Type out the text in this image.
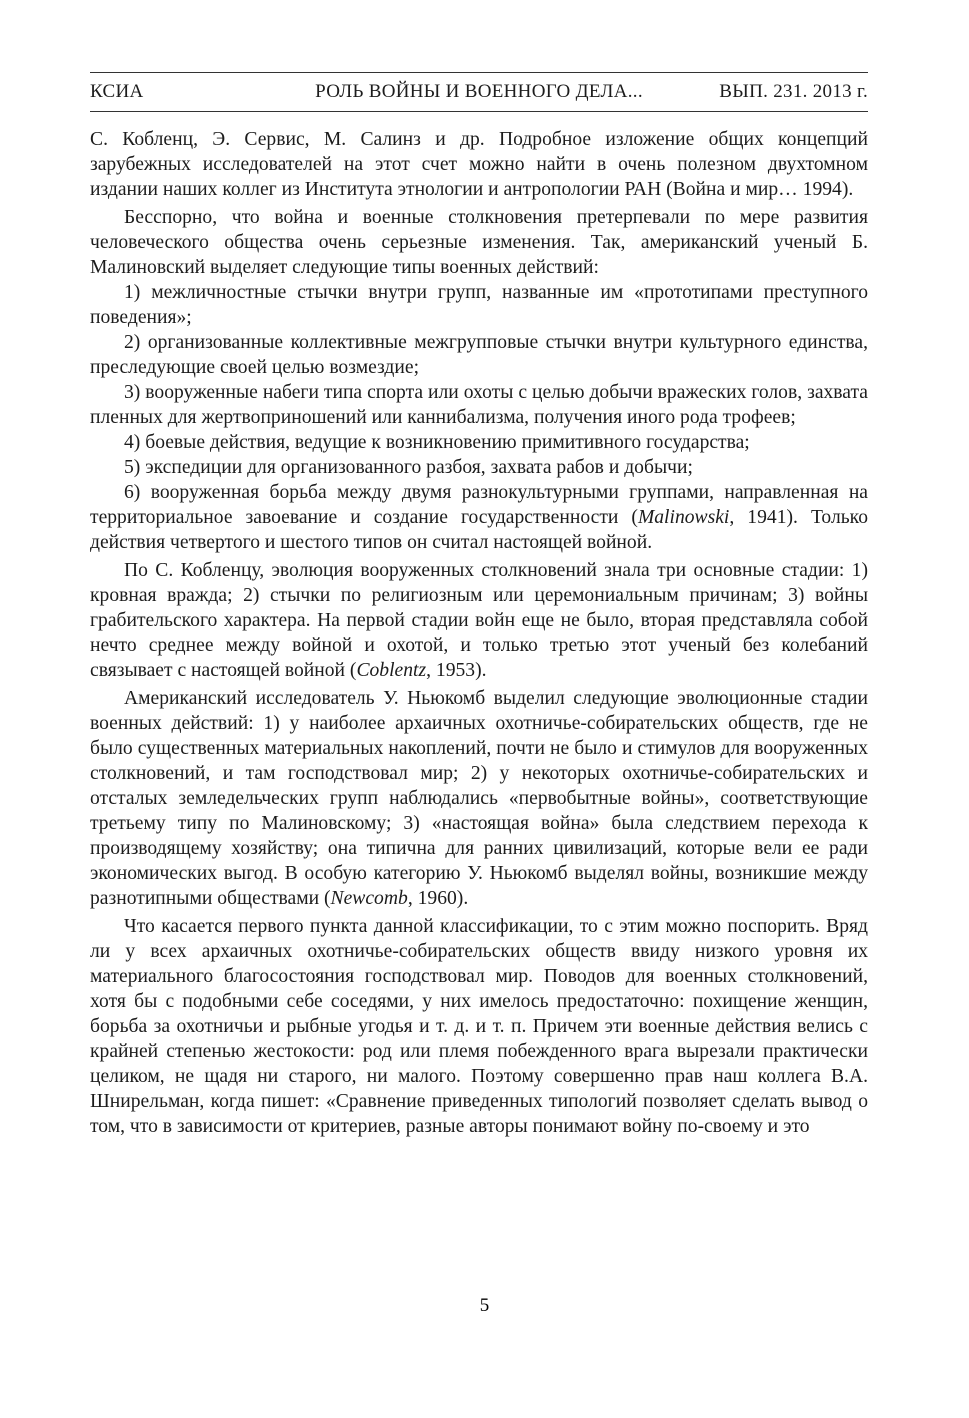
КСИА	РОЛЬ ВОЙНЫ И ВОЕННОГО ДЕЛА...	ВЫП. 231. 2013 г.

С. Кобленц, Э. Сервис, М. Салинз и др. Подробное изложение общих концепций зарубежных исследователей на этот счет можно найти в очень полезном двухтомном издании наших коллег из Института этнологии и антропологии РАН (Война и мир… 1994).

Бесспорно, что война и военные столкновения претерпевали по мере развития человеческого общества очень серьезные изменения. Так, американский ученый Б. Малиновский выделяет следующие типы военных действий:

1) межличностные стычки внутри групп, названные им «прототипами преступного поведения»;

2) организованные коллективные межгрупповые стычки внутри культурного единства, преследующие своей целью возмездие;

3) вооруженные набеги типа спорта или охоты с целью добычи вражеских голов, захвата пленных для жертвоприношений или каннибализма, получения иного рода трофеев;

4) боевые действия, ведущие к возникновению примитивного государства;

5) экспедиции для организованного разбоя, захвата рабов и добычи;

6) вооруженная борьба между двумя разнокультурными группами, направленная на территориальное завоевание и создание государственности (Malinowski, 1941). Только действия четвертого и шестого типов он считал настоящей войной.

По С. Кобленцу, эволюция вооруженных столкновений знала три основные стадии: 1) кровная вражда; 2) стычки по религиозным или церемониальным причинам; 3) войны грабительского характера. На первой стадии войн еще не было, вторая представляла собой нечто среднее между войной и охотой, и только третью этот ученый без колебаний связывает с настоящей войной (Coblentz, 1953).

Американский исследователь У. Ньюкомб выделил следующие эволюционные стадии военных действий: 1) у наиболее архаичных охотничье-собирательских обществ, где не было существенных материальных накоплений, почти не было и стимулов для вооруженных столкновений, и там господствовал мир; 2) у некоторых охотничье-собирательских и отсталых земледельческих групп наблюдались «первобытные войны», соответствующие третьему типу по Малиновскому; 3) «настоящая война» была следствием перехода к производящему хозяйству; она типична для ранних цивилизаций, которые вели ее ради экономических выгод. В особую категорию У. Ньюкомб выделял войны, возникшие между разнотипными обществами (Newcomb, 1960).

Что касается первого пункта данной классификации, то с этим можно поспорить. Вряд ли у всех архаичных охотничье-собирательских обществ ввиду низкого уровня их материального благосостояния господствовал мир. Поводов для военных столкновений, хотя бы с подобными себе соседями, у них имелось предостаточно: похищение женщин, борьба за охотничьи и рыбные угодья и т. д. и т. п. Причем эти военные действия велись с крайней степенью жестокости: род или племя побежденного врага вырезали практически целиком, не щадя ни старого, ни малого. Поэтому совершенно прав наш коллега В.А. Шнирельман, когда пишет: «Сравнение приведенных типологий позволяет сделать вывод о том, что в зависимости от критериев, разные авторы понимают войну по-своему и это

5
